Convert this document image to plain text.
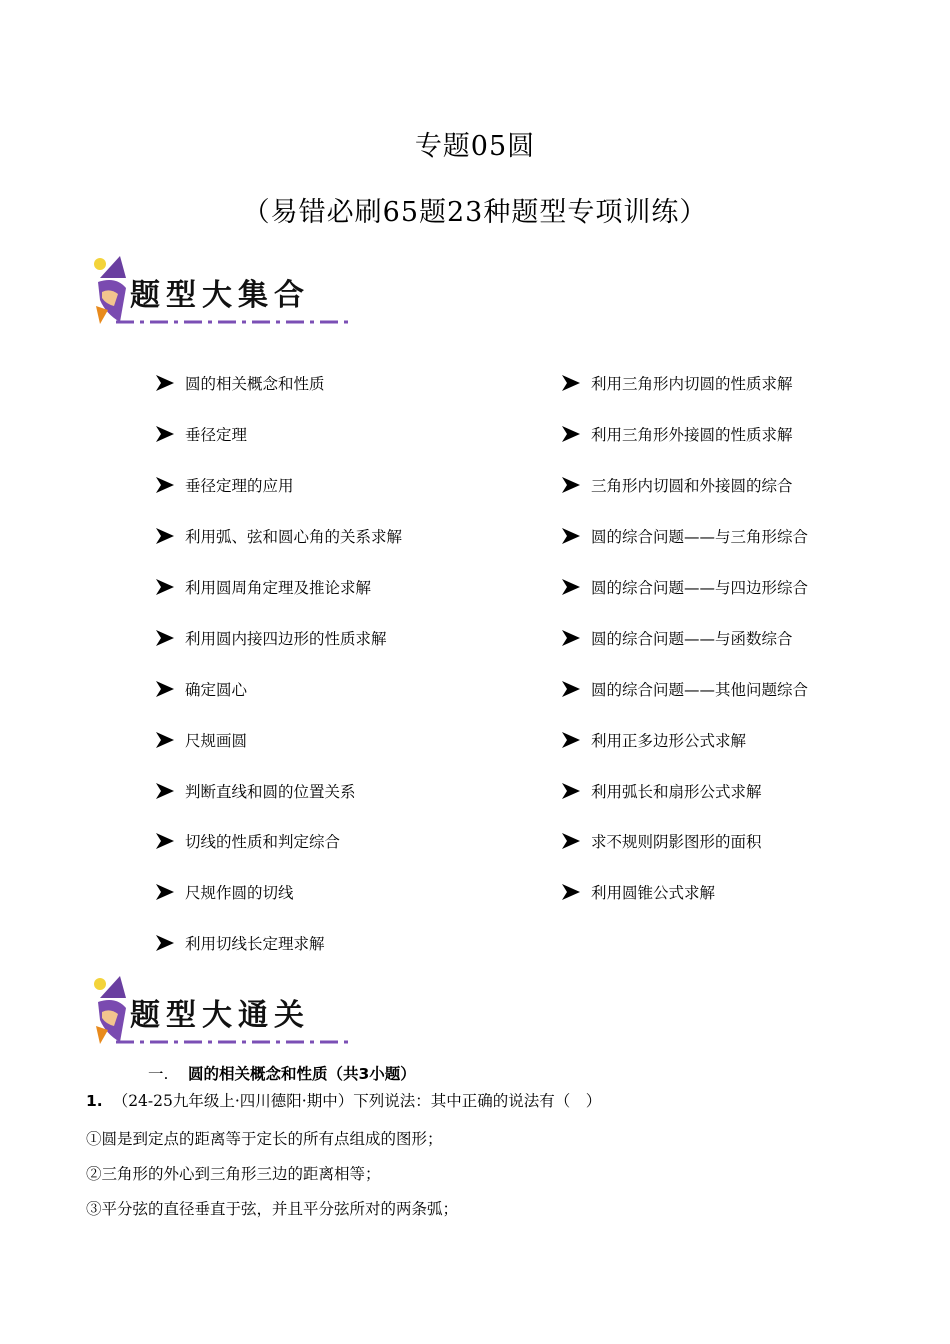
专题05圆
（易错必刷65题23种题型专项训练）
题型大集合
圆的相关概念和性质
垂径定理
垂径定理的应用
利用弧、弦和圆心角的关系求解
利用圆周角定理及推论求解
利用圆内接四边形的性质求解
确定圆心
尺规画圆
判断直线和圆的位置关系
切线的性质和判定综合
尺规作圆的切线
利用切线长定理求解
利用三角形内切圆的性质求解
利用三角形外接圆的性质求解
三角形内切圆和外接圆的综合
圆的综合问题——与三角形综合
圆的综合问题——与四边形综合
圆的综合问题——与函数综合
圆的综合问题——其他问题综合
利用正多边形公式求解
利用弧长和扇形公式求解
求不规则阴影图形的面积
利用圆锥公式求解
题型大通关
一. 圆的相关概念和性质（共3小题）
1. （24-25九年级上·四川德阳·期中）下列说法：其中正确的说法有（　）
①圆是到定点的距离等于定长的所有点组成的图形；
②三角形的外心到三角形三边的距离相等；
③平分弦的直径垂直于弦，并且平分弦所对的两条弧；
